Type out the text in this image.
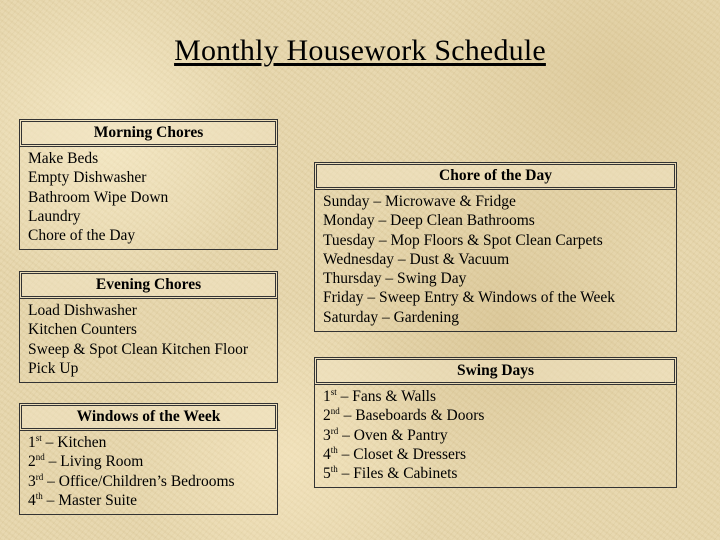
Monthly Housework Schedule
Morning Chores
Make Beds
Empty Dishwasher
Bathroom Wipe Down
Laundry
Chore of the Day
Evening Chores
Load Dishwasher
Kitchen Counters
Sweep & Spot Clean Kitchen Floor
Pick Up
Windows of the Week
1st – Kitchen
2nd – Living Room
3rd – Office/Children’s Bedrooms
4th – Master Suite
Chore of the Day
Sunday – Microwave & Fridge
Monday – Deep Clean Bathrooms
Tuesday – Mop Floors & Spot Clean Carpets
Wednesday – Dust & Vacuum
Thursday – Swing Day
Friday – Sweep Entry & Windows of the Week
Saturday – Gardening
Swing Days
1st – Fans & Walls
2nd – Baseboards & Doors
3rd – Oven & Pantry
4th – Closet & Dressers
5th – Files & Cabinets
